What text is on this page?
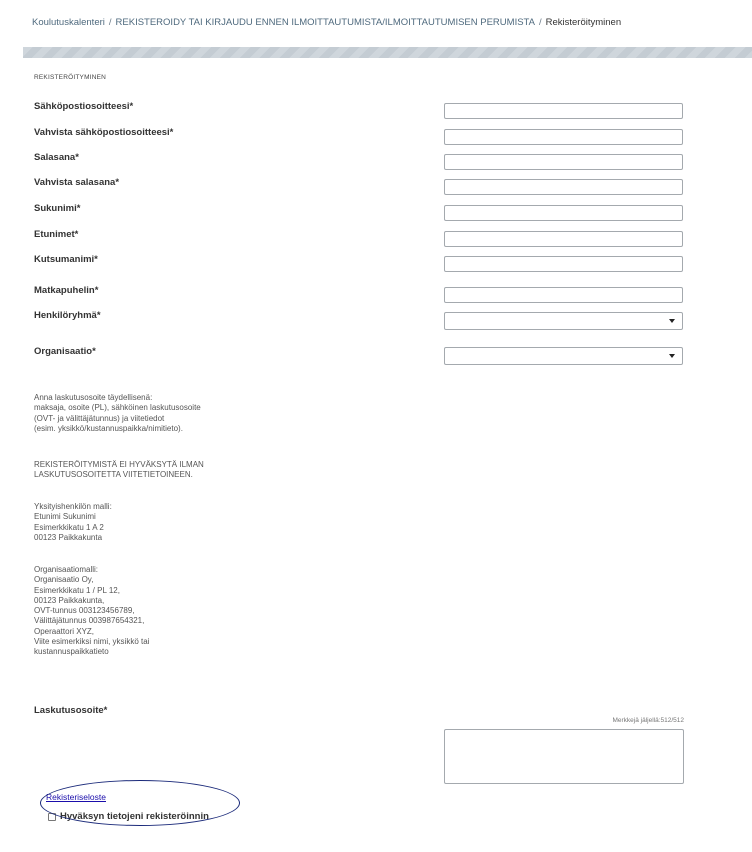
Koulutuskalenteri / REKISTEROIDY TAI KIRJAUDU ENNEN ILMOITTAUTUMISTA/ILMOITTAUTUMISEN PERUMISTA / Rekisteröityminen
REKISTERÖITYMINEN
Sähköpostiosoitteesi*
Vahvista sähköpostiosoitteesi*
Salasana*
Vahvista salasana*
Sukunimi*
Etunimet*
Kutsumanimi*
Matkapuhelin*
Henkilöryhmä*
Organisaatio*
Anna laskutusosoite täydellisenä:
maksaja, osoite (PL), sähköinen laskutusosoite
(OVT- ja välittäjätunnus) ja viitetiedot
(esim. yksikkö/kustannuspaikka/nimitieto).
REKISTERÖITYMISTÄ EI HYVÄKSYTÄ ILMAN
LASKUTUSOSOITETTA VIITETIETOINEEN.
Yksityishenkilön malli:
Etunimi Sukunimi
Esimerkkikatu 1 A 2
00123 Paikkakunta
Organisaatiomalli:
Organisaatio Oy,
Esimerkkikatu 1 / PL 12,
00123 Paikkakunta,
OVT-tunnus 003123456789,
Välittäjätunnus 003987654321,
Operaattori XYZ,
Viite esimerkiksi nimi, yksikkö tai
kustannuspaikkatieto
Laskutusosoite*
Merkkejä jäljellä:512/512
Rekisteriseloste
Hyväksyn tietojeni rekisteröinnin
